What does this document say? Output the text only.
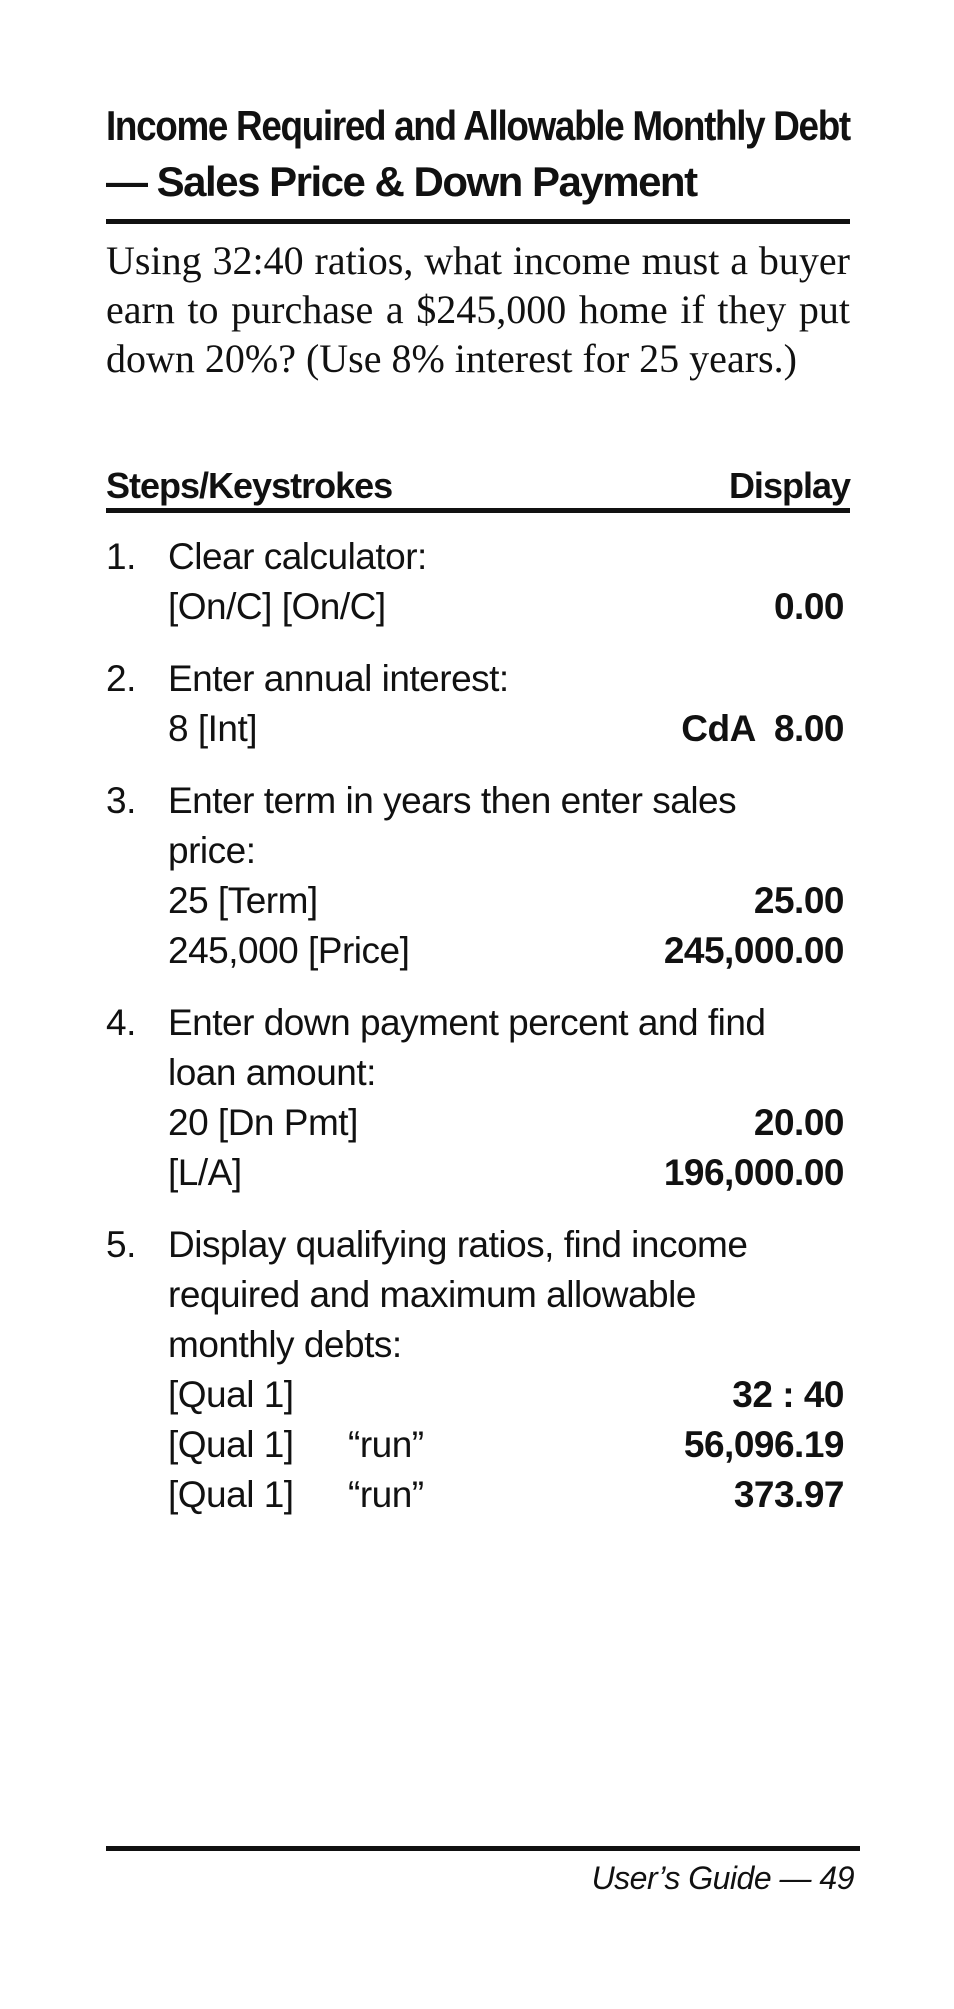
Income Required and Allowable Monthly Debt
— Sales Price & Down Payment

Using 32:40 ratios, what income must a buyer earn to purchase a $245,000 home if they put down 20%? (Use 8% interest for 25 years.)

Steps/Keystrokes	Display
1. Clear calculator:
[On/C] [On/C]	0.00
2. Enter annual interest:
8 [Int]	CdA  8.00
3. Enter term in years then enter sales
price:
25 [Term]	25.00
245,000 [Price]	245,000.00
4. Enter down payment percent and find
loan amount:
20 [Dn Pmt]	20.00
[L/A]	196,000.00
5. Display qualifying ratios, find income
required and maximum allowable
monthly debts:
[Qual 1]	32 : 40
[Qual 1] “run”	56,096.19
[Qual 1] “run”	373.97
User’s Guide — 49
